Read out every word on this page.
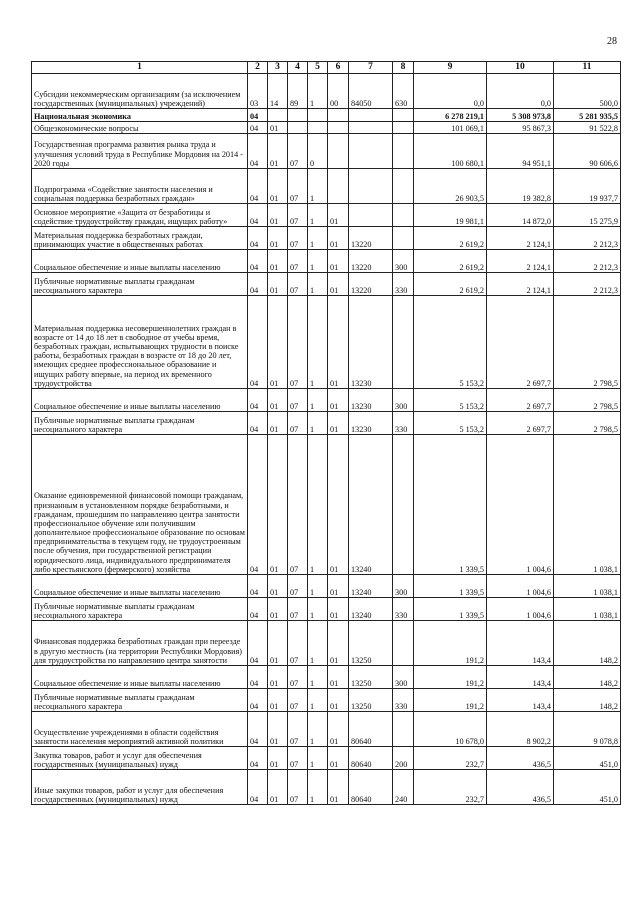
28
1	2	3	4	5	6	7	8	9	10	11
Субсидии некоммерческим организациям (за исключением государственных (муниципальных) учреждений)	03	14	89	1	00	84050	630	0,0	0,0	500,0
Национальная экономика	04							6 278 219,1	5 308 973,8	5 281 935,5
Общеэкономические вопросы	04	01						101 069,1	95 867,3	91 522,8
Государственная программа развития рынка труда и улучшения условий труда в Республике Мордовия на 2014 - 2020 годы	04	01	07	0				100 680,1	94 951,1	90 606,6
Подпрограмма «Содействие занятости населения и социальная поддержка безработных граждан»	04	01	07	1				26 903,5	19 382,8	19 937,7
Основное мероприятие «Защита от безработицы и содействие трудоустройству граждан, ищущих работу»	04	01	07	1	01			19 981,1	14 872,0	15 275,9
Материальная поддержка безработных граждан, принимающих участие в общественных работах	04	01	07	1	01	13220		2 619,2	2 124,1	2 212,3
Социальное обеспечение и иные выплаты населению	04	01	07	1	01	13220	300	2 619,2	2 124,1	2 212,3
Публичные нормативные выплаты гражданам несоциального характера	04	01	07	1	01	13220	330	2 619,2	2 124,1	2 212,3
Материальная поддержка несовершеннолетних граждан в возрасте от 14 до 18 лет в свободное от учебы время, безработных граждан, испытывающих трудности в поиске работы, безработных граждан в возрасте от 18 до 20 лет, имеющих среднее профессиональное образование и ищущих работу впервые, на период их временного трудоустройства	04	01	07	1	01	13230		5 153,2	2 697,7	2 798,5
Социальное обеспечение и иные выплаты населению	04	01	07	1	01	13230	300	5 153,2	2 697,7	2 798,5
Публичные нормативные выплаты гражданам несоциального характера	04	01	07	1	01	13230	330	5 153,2	2 697,7	2 798,5
Оказание единовременной финансовой помощи гражданам, признанным в установленном порядке безработными, и гражданам, прошедшим по направлению центра занятости профессиональное обучение или получившим дополнительное профессиональное образование по основам предпринимательства в текущем году, не трудоустроенным после обучения, при государственной регистрации юридического лица, индивидуального предпринимателя либо крестьянского (фермерского) хозяйства	04	01	07	1	01	13240		1 339,5	1 004,6	1 038,1
Социальное обеспечение и иные выплаты населению	04	01	07	1	01	13240	300	1 339,5	1 004,6	1 038,1
Публичные нормативные выплаты гражданам несоциального характера	04	01	07	1	01	13240	330	1 339,5	1 004,6	1 038,1
Финансовая поддержка безработных граждан при переезде в другую местность (на территории Республики Мордовия) для трудоустройства по направлению центра занятости	04	01	07	1	01	13250		191,2	143,4	148,2
Социальное обеспечение и иные выплаты населению	04	01	07	1	01	13250	300	191,2	143,4	148,2
Публичные нормативные выплаты гражданам несоциального характера	04	01	07	1	01	13250	330	191,2	143,4	148,2
Осуществление учреждениями в области содействия занятости населения мероприятий активной политики	04	01	07	1	01	80640		10 678,0	8 902,2	9 078,8
Закупка товаров, работ и услуг для обеспечения государственных (муниципальных) нужд	04	01	07	1	01	80640	200	232,7	436,5	451,0
Иные закупки товаров, работ и услуг для обеспечения государственных (муниципальных) нужд	04	01	07	1	01	80640	240	232,7	436,5	451,0
